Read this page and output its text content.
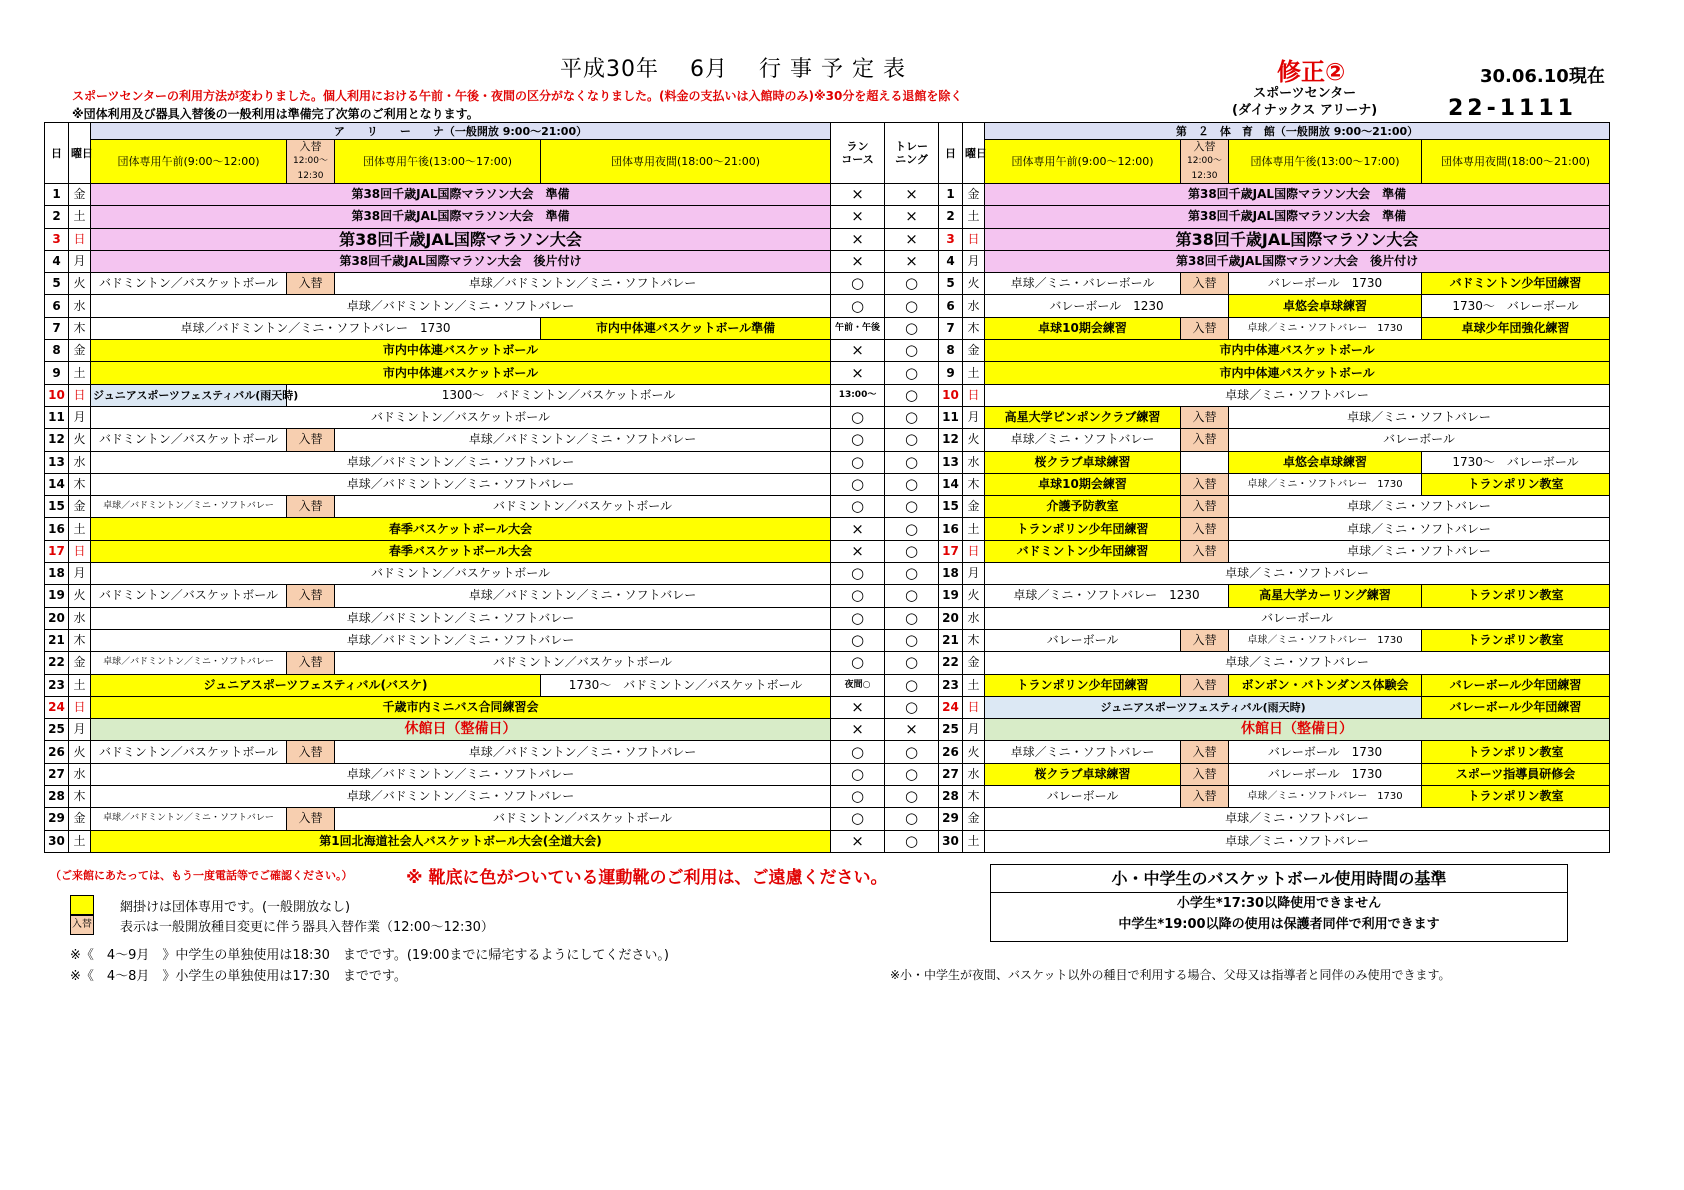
平成30年　 6月　 行 事 予 定 表	修正②	30.06.10現在
スポーツセンターの利用方法が変わりました。個人利用における午前・午後・夜間の区分がなくなりました。(料金の支払いは入館時のみ)※30分を超える退館を除く
※団体利用及び器具入替後の一般利用は準備完了次第のご利用となります。
スポーツセンター
(ダイナックス アリーナ)	22-1111
日	曜日	ア　　リ　　ー　　ナ（一般開放 9:00～21:00）				ラン
コース	トレー
ニング	日	曜日	第　２　体　育　館（一般開放 9:00～21:00）			
		団体専用午前(9:00～12:00)	入替
12:00～
12:30	団体専用午後(13:00～17:00)	団体専用夜間(18:00～21:00)					団体専用午前(9:00～12:00)	入替
12:00～
12:30	団体専用午後(13:00～17:00)	団体専用夜間(18:00～21:00)
1	金	第38回千歳JAL国際マラソン大会　準備				×	×	1	金	第38回千歳JAL国際マラソン大会　準備			
2	土	第38回千歳JAL国際マラソン大会　準備				×	×	2	土	第38回千歳JAL国際マラソン大会　準備			
3	日	第38回千歳JAL国際マラソン大会				×	×	3	日	第38回千歳JAL国際マラソン大会			
4	月	第38回千歳JAL国際マラソン大会　後片付け				×	×	4	月	第38回千歳JAL国際マラソン大会　後片付け			
5	火	バドミントン／バスケットボール	入替	卓球／バドミントン／ミニ・ソフトバレー		○	○	5	火	卓球／ミニ・バレーボール	入替	バレーボール　1730	バドミントン少年団練習
6	水	卓球／バドミントン／ミニ・ソフトバレー				○	○	6	水	バレーボール　1230		卓悠会卓球練習	1730～　バレーボール
7	木	卓球／バドミントン／ミニ・ソフトバレー　1730			市内中体連バスケットボール準備	午前・午後	○	7	木	卓球10期会練習	入替	卓球／ミニ・ソフトバレー　1730	卓球少年団強化練習
8	金	市内中体連バスケットボール				×	○	8	金	市内中体連バスケットボール			
9	土	市内中体連バスケットボール				×	○	9	土	市内中体連バスケットボール			
10	日	ジュニアスポーツフェスティバル(雨天時)	1300～　バドミントン／バスケットボール			13:00～	○	10	日	卓球／ミニ・ソフトバレー			
11	月	バドミントン／バスケットボール				○	○	11	月	高星大学ピンポンクラブ練習	入替	卓球／ミニ・ソフトバレー	
12	火	バドミントン／バスケットボール	入替	卓球／バドミントン／ミニ・ソフトバレー		○	○	12	火	卓球／ミニ・ソフトバレー	入替	バレーボール	
13	水	卓球／バドミントン／ミニ・ソフトバレー				○	○	13	水	桜クラブ卓球練習		卓悠会卓球練習	1730～　バレーボール
14	木	卓球／バドミントン／ミニ・ソフトバレー				○	○	14	木	卓球10期会練習	入替	卓球／ミニ・ソフトバレー　1730	トランポリン教室
15	金	卓球／バドミントン／ミニ・ソフトバレー	入替	バドミントン／バスケットボール		○	○	15	金	介護予防教室	入替	卓球／ミニ・ソフトバレー	
16	土	春季バスケットボール大会				×	○	16	土	トランポリン少年団練習	入替	卓球／ミニ・ソフトバレー	
17	日	春季バスケットボール大会				×	○	17	日	バドミントン少年団練習	入替	卓球／ミニ・ソフトバレー	
18	月	バドミントン／バスケットボール				○	○	18	月	卓球／ミニ・ソフトバレー			
19	火	バドミントン／バスケットボール	入替	卓球／バドミントン／ミニ・ソフトバレー		○	○	19	火	卓球／ミニ・ソフトバレー　1230		高星大学カーリング練習	トランポリン教室
20	水	卓球／バドミントン／ミニ・ソフトバレー				○	○	20	水	バレーボール			
21	木	卓球／バドミントン／ミニ・ソフトバレー				○	○	21	木	バレーボール	入替	卓球／ミニ・ソフトバレー　1730	トランポリン教室
22	金	卓球／バドミントン／ミニ・ソフトバレー	入替	バドミントン／バスケットボール		○	○	22	金	卓球／ミニ・ソフトバレー			
23	土	ジュニアスポーツフェスティバル(バスケ)			1730～　バドミントン／バスケットボール	夜間○	○	23	土	トランポリン少年団練習	入替	ボンボン・バトンダンス体験会	バレーボール少年団練習
24	日	千歳市内ミニバス合同練習会				×	○	24	日	ジュニアスポーツフェスティバル(雨天時)			バレーボール少年団練習
25	月	休館日（整備日）				×	×	25	月	休館日（整備日）			
26	火	バドミントン／バスケットボール	入替	卓球／バドミントン／ミニ・ソフトバレー		○	○	26	火	卓球／ミニ・ソフトバレー	入替	バレーボール　1730	トランポリン教室
27	水	卓球／バドミントン／ミニ・ソフトバレー				○	○	27	水	桜クラブ卓球練習	入替	バレーボール　1730	スポーツ指導員研修会
28	木	卓球／バドミントン／ミニ・ソフトバレー				○	○	28	木	バレーボール	入替	卓球／ミニ・ソフトバレー　1730	トランポリン教室
29	金	卓球／バドミントン／ミニ・ソフトバレー	入替	バドミントン／バスケットボール		○	○	29	金	卓球／ミニ・ソフトバレー			
30	土	第1回北海道社会人バスケットボール大会(全道大会)				×	○	30	土	卓球／ミニ・ソフトバレー			
（ご来館にあたっては、もう一度電話等でご確認ください。）	※ 靴底に色がついている運動靴のご利用は、ご遠慮ください。
入替
網掛けは団体専用です。(一般開放なし)
表示は一般開放種目変更に伴う器具入替作業（12:00～12:30）
※《　4～9月　》中学生の単独使用は18:30　までです。(19:00までに帰宅するようにしてください。)
※《　4～8月　》小学生の単独使用は17:30　までです。
小・中学生のバスケットボール使用時間の基準
小学生*17:30以降使用できません
中学生*19:00以降の使用は保護者同伴で利用できます
※小・中学生が夜間、バスケット以外の種目で利用する場合、父母又は指導者と同伴のみ使用できます。
